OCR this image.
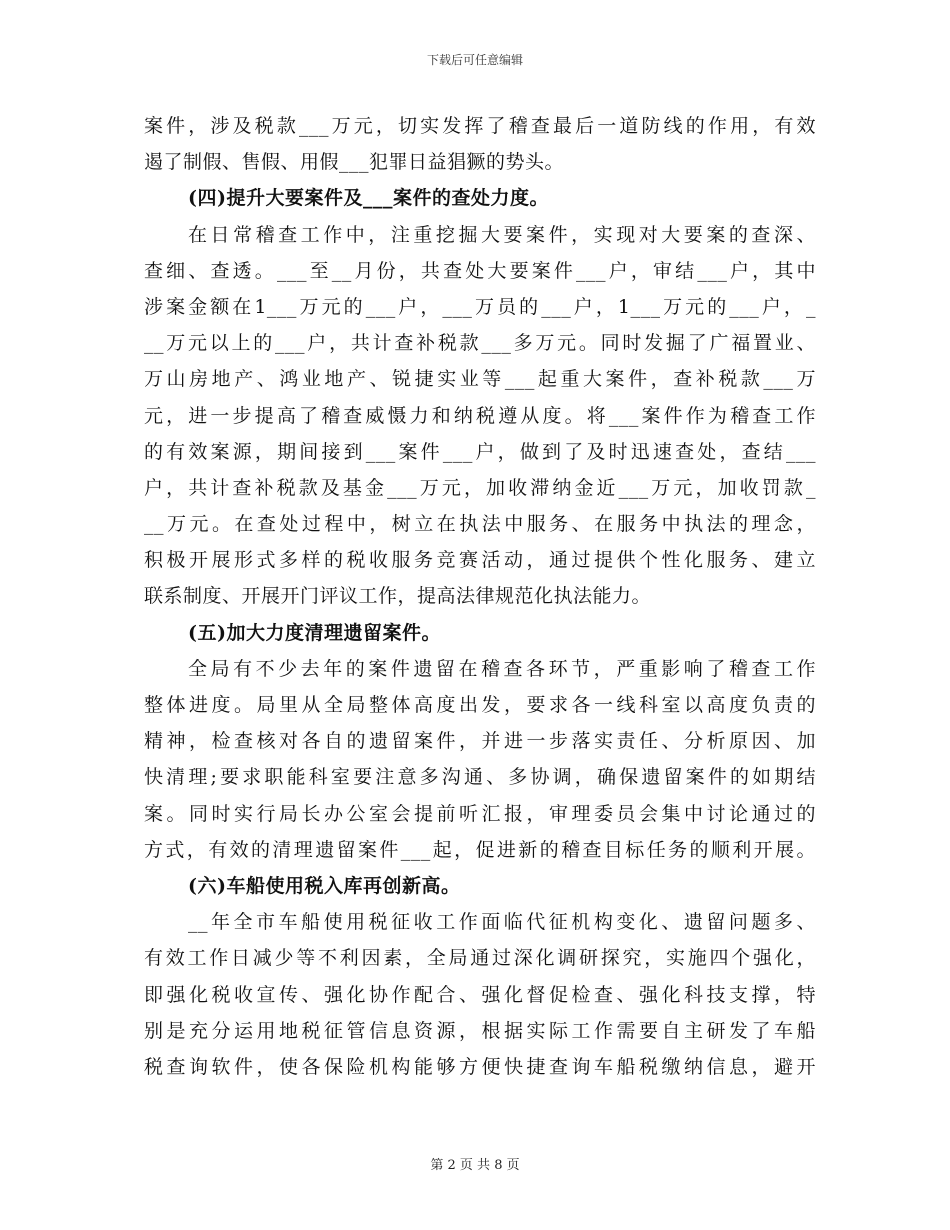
下载后可任意编辑
案件，涉及税款___万元，切实发挥了稽查最后一道防线的作用，有效
遏了制假、售假、用假___犯罪日益猖獗的势头。
(四)提升大要案件及___案件的查处力度。
在日常稽查工作中，注重挖掘大要案件，实现对大要案的查深、
查细、查透。___至__月份，共查处大要案件___户，审结___户，其中
涉案金额在1___万元的___户，___万员的___户，1___万元的___户，_
__万元以上的___户，共计查补税款___多万元。同时发掘了广福置业、
万山房地产、鸿业地产、锐捷实业等___起重大案件，查补税款___万
元，进一步提高了稽查威慑力和纳税遵从度。将___案件作为稽查工作
的有效案源，期间接到___案件___户，做到了及时迅速查处，查结___
户，共计查补税款及基金___万元，加收滞纳金近___万元，加收罚款_
__万元。在查处过程中，树立在执法中服务、在服务中执法的理念，
积极开展形式多样的税收服务竞赛活动，通过提供个性化服务、建立
联系制度、开展开门评议工作，提高法律规范化执法能力。
(五)加大力度清理遗留案件。
全局有不少去年的案件遗留在稽查各环节，严重影响了稽查工作
整体进度。局里从全局整体高度出发，要求各一线科室以高度负责的
精神，检查核对各自的遗留案件，并进一步落实责任、分析原因、加
快清理;要求职能科室要注意多沟通、多协调，确保遗留案件的如期结
案。同时实行局长办公室会提前听汇报，审理委员会集中讨论通过的
方式，有效的清理遗留案件___起，促进新的稽查目标任务的顺利开展。
(六)车船使用税入库再创新高。
__年全市车船使用税征收工作面临代征机构变化、遗留问题多、
有效工作日减少等不利因素，全局通过深化调研探究，实施四个强化，
即强化税收宣传、强化协作配合、强化督促检查、强化科技支撑，特
别是充分运用地税征管信息资源，根据实际工作需要自主研发了车船
税查询软件，使各保险机构能够方便快捷查询车船税缴纳信息，避开
第 2 页 共 8 页
